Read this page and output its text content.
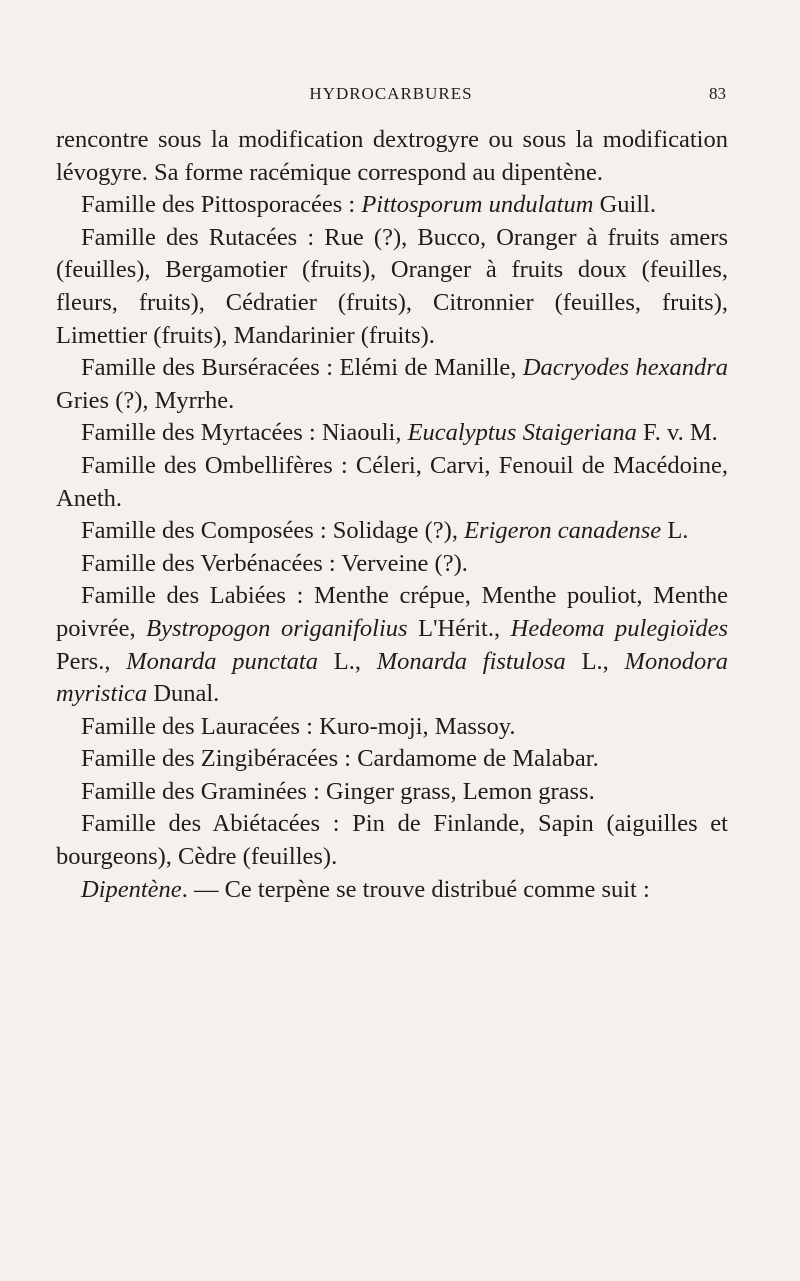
HYDROCARBURES	83

rencontre sous la modification dextrogyre ou sous la modification lévogyre. Sa forme racémique correspond au dipentène.

Famille des Pittosporacées : Pittosporum undulatum Guill.

Famille des Rutacées : Rue (?), Bucco, Oranger à fruits amers (feuilles), Bergamotier (fruits), Oranger à fruits doux (feuilles, fleurs, fruits), Cédratier (fruits), Citronnier (feuilles, fruits), Limettier (fruits), Mandarinier (fruits).

Famille des Burséracées : Elémi de Manille, Dacryodes hexandra Gries (?), Myrrhe.

Famille des Myrtacées : Niaouli, Eucalyptus Staigeriana F. v. M.

Famille des Ombellifères : Céleri, Carvi, Fenouil de Macédoine, Aneth.

Famille des Composées : Solidage (?), Erigeron canadense L.

Famille des Verbénacées : Verveine (?).

Famille des Labiées : Menthe crépue, Menthe pouliot, Menthe poivrée, Bystropogon origanifolius L'Hérit., Hedeoma pulegioïdes Pers., Monarda punctata L., Monarda fistulosa L., Monodora myristica Dunal.

Famille des Lauracées : Kuro-moji, Massoy.

Famille des Zingibéracées : Cardamome de Malabar.

Famille des Graminées : Ginger grass, Lemon grass.

Famille des Abiétacées : Pin de Finlande, Sapin (aiguilles et bourgeons), Cèdre (feuilles).

Dipentène. — Ce terpène se trouve distribué comme suit :
